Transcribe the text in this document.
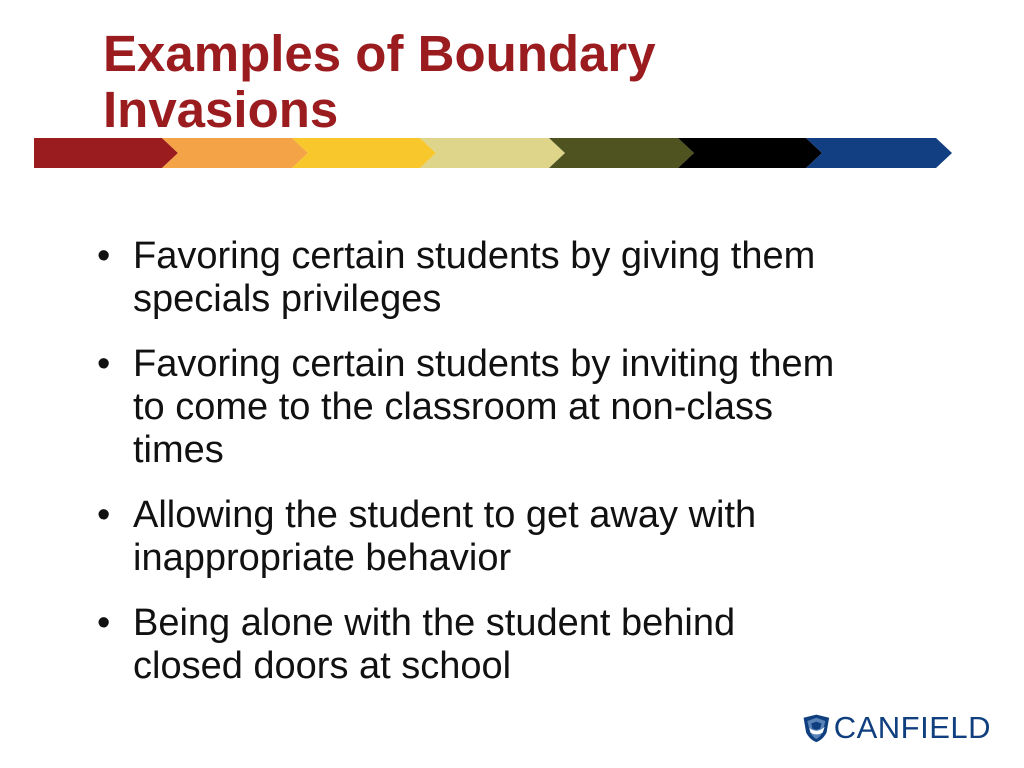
Examples of Boundary
Invasions
• Favoring certain students by giving them
specials privileges
• Favoring certain students by inviting them
to come to the classroom at non-class
times
• Allowing the student to get away with
inappropriate behavior
• Being alone with the student behind
closed doors at school
CANFIELD
